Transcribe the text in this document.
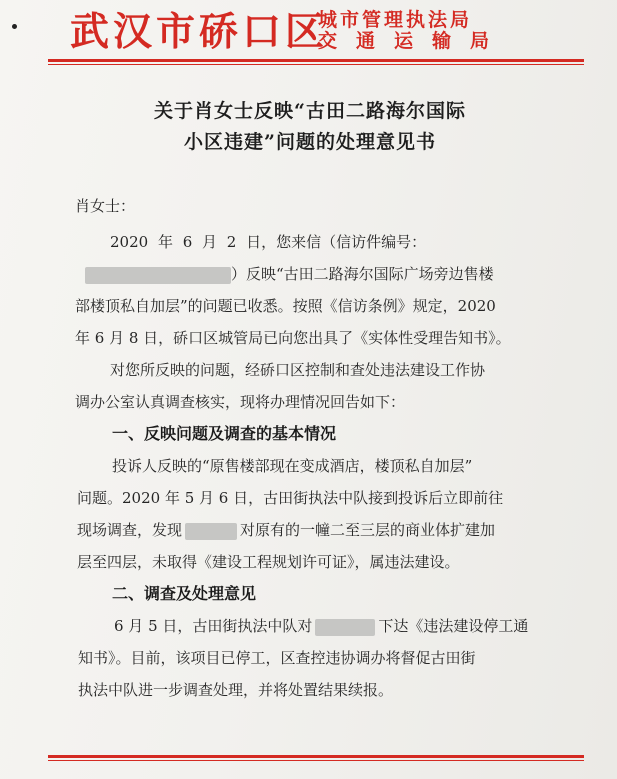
武汉市硚口区
城市管理执法局
交通运输局
关于肖女士反映“古田二路海尔国际
小区违建”问题的处理意见书
肖女士：
2020 年 6 月 2 日，您来信（信访件编号：
）反映“古田二路海尔国际广场旁边售楼
部楼顶私自加层”的问题已收悉。按照《信访条例》规定，2020
年 6 月 8 日，硚口区城管局已向您出具了《实体性受理告知书》。
对您所反映的问题，经硚口区控制和查处违法建设工作协
调办公室认真调查核实，现将办理情况回告如下：
一、反映问题及调查的基本情况
投诉人反映的“原售楼部现在变成酒店，楼顶私自加层”
问题。2020 年 5 月 6 日，古田街执法中队接到投诉后立即前往
现场调查，发现	对原有的一幢二至三层的商业体扩建加
层至四层，未取得《建设工程规划许可证》，属违法建设。
二、调查及处理意见
6 月 5 日，古田街执法中队对	下达《违法建设停工通
知书》。目前，该项目已停工，区查控违协调办将督促古田街
执法中队进一步调查处理，并将处置结果续报。
